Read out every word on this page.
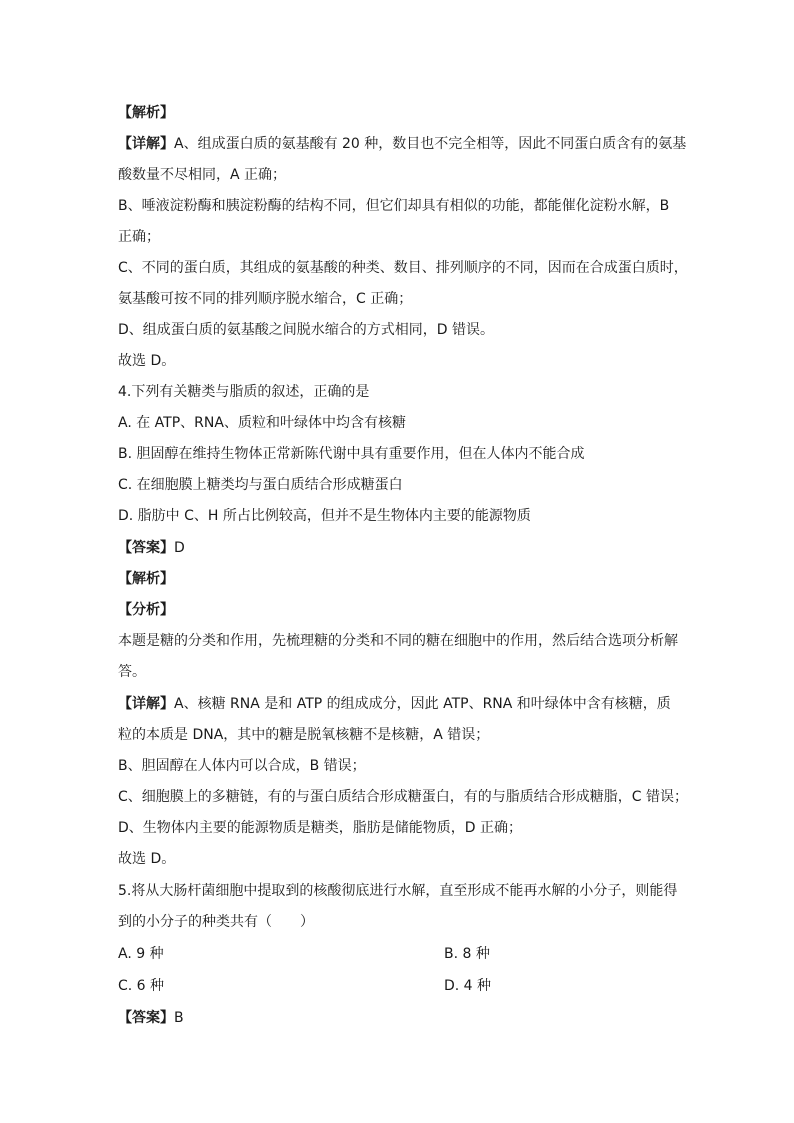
【解析】
【详解】A、组成蛋白质的氨基酸有 20 种，数目也不完全相等，因此不同蛋白质含有的氨基
酸数量不尽相同，A 正确；
B、唾液淀粉酶和胰淀粉酶的结构不同，但它们却具有相似的功能，都能催化淀粉水解，B
正确；
C、不同的蛋白质，其组成的氨基酸的种类、数目、排列顺序的不同，因而在合成蛋白质时，
氨基酸可按不同的排列顺序脱水缩合，C 正确；
D、组成蛋白质的氨基酸之间脱水缩合的方式相同，D 错误。
故选 D。
4.下列有关糖类与脂质的叙述，正确的是
A. 在 ATP、RNA、质粒和叶绿体中均含有核糖
B. 胆固醇在维持生物体正常新陈代谢中具有重要作用，但在人体内不能合成
C. 在细胞膜上糖类均与蛋白质结合形成糖蛋白
D. 脂肪中 C、H 所占比例较高，但并不是生物体内主要的能源物质
【答案】D
【解析】
【分析】
本题是糖的分类和作用，先梳理糖的分类和不同的糖在细胞中的作用，然后结合选项分析解
答。
【详解】A、核糖 RNA 是和 ATP 的组成成分，因此 ATP、RNA 和叶绿体中含有核糖，质
粒的本质是 DNA，其中的糖是脱氧核糖不是核糖，A 错误；
B、胆固醇在人体内可以合成，B 错误；
C、细胞膜上的多糖链，有的与蛋白质结合形成糖蛋白，有的与脂质结合形成糖脂，C 错误；
D、生物体内主要的能源物质是糖类，脂肪是储能物质，D 正确；
故选 D。
5.将从大肠杆菌细胞中提取到的核酸彻底进行水解，直至形成不能再水解的小分子，则能得
到的小分子的种类共有（　　）
A. 9 种	B. 8 种
C. 6 种	D. 4 种
【答案】B
